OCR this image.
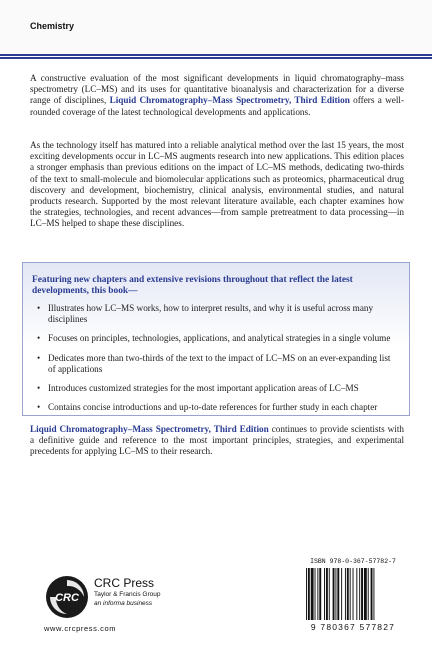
Chemistry

A constructive evaluation of the most significant developments in liquid chromatography–mass spectrometry (LC–MS) and its uses for quantitative bioanalysis and characterization for a diverse range of disciplines, Liquid Chromatography–Mass Spectrometry, Third Edition offers a well-rounded coverage of the latest technological developments and applications.

As the technology itself has matured into a reliable analytical method over the last 15 years, the most exciting developments occur in LC–MS augments research into new applications. This edition places a stronger emphasis than previous editions on the impact of LC–MS methods, dedicating two-thirds of the text to small-molecule and biomolecular applications such as proteomics, pharmaceutical drug discovery and development, biochemistry, clinical analysis, environmental studies, and natural products research. Supported by the most relevant literature available, each chapter examines how the strategies, technologies, and recent advances—from sample pretreatment to data processing—in LC–MS helped to shape these disciplines.

Featuring new chapters and extensive revisions throughout that reflect the latest developments, this book—

• Illustrates how LC–MS works, how to interpret results, and why it is useful across many disciplines
• Focuses on principles, technologies, applications, and analytical strategies in a single volume
• Dedicates more than two-thirds of the text to the impact of LC–MS on an ever-expanding list of applications
• Introduces customized strategies for the most important application areas of LC–MS
• Contains concise introductions and up-to-date references for further study in each chapter

Liquid Chromatography–Mass Spectrometry, Third Edition continues to provide scientists with a definitive guide and reference to the most important principles, strategies, and experimental precedents for applying LC–MS to their research.

CRC
CRC Press
Taylor & Francis Group
an informa business
www.crcpress.com
ISBN 978-0-367-57782-7
9 780367 577827
